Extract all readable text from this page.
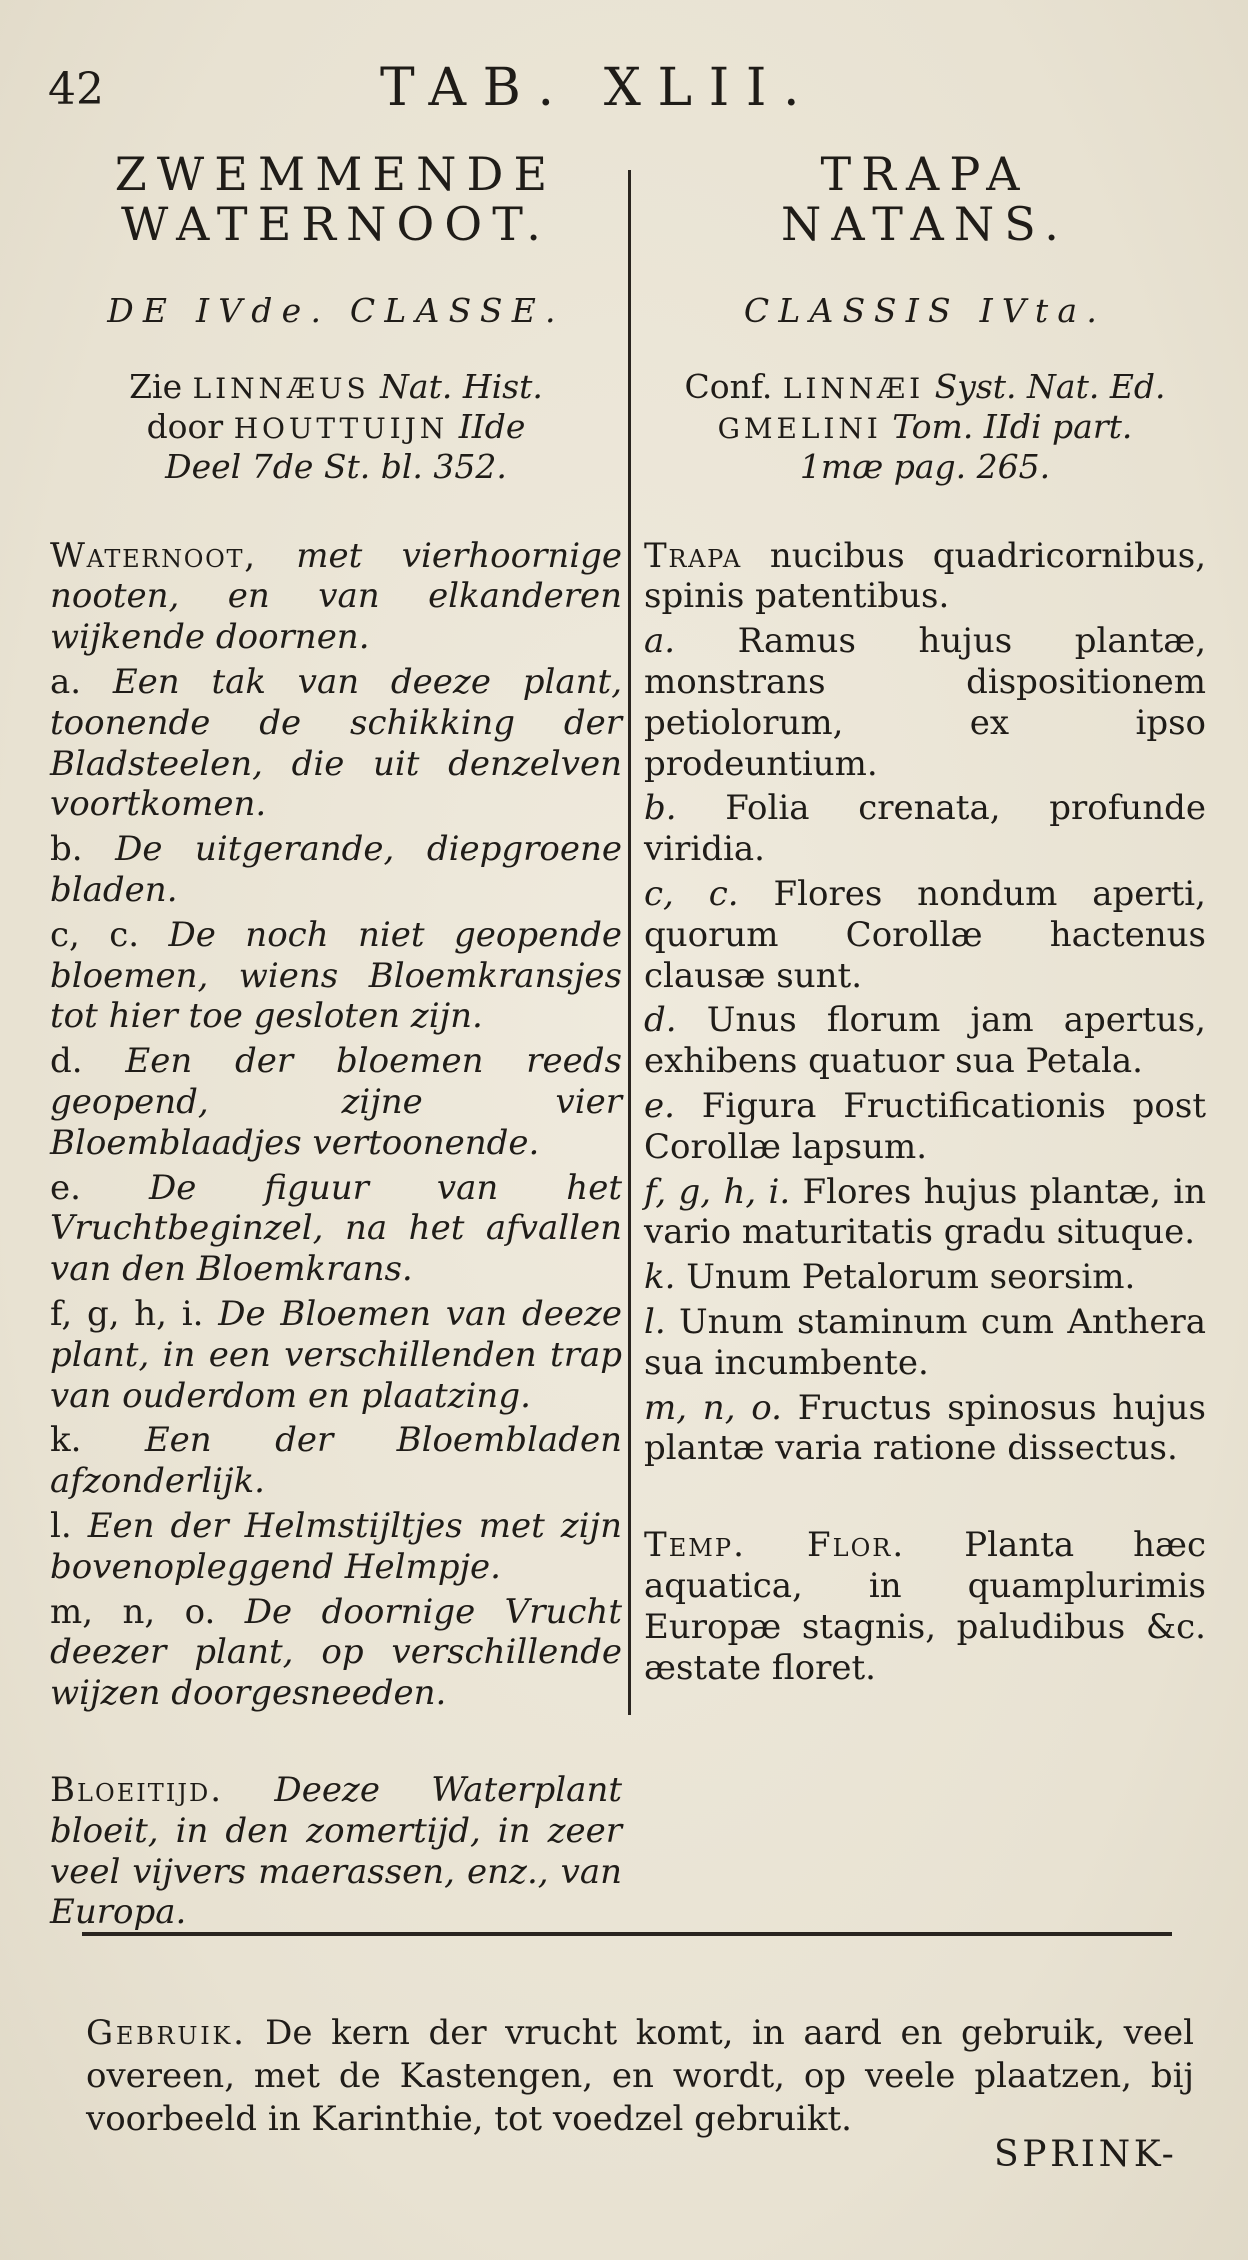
42	TAB. XLII.
ZWEMMENDE
WATERNOOT.
DE IVde. CLASSE.
Zie LINNÆUS Nat. Hist.
door HOUTTUIJN IIde
Deel 7de St. bl. 352.

Waternoot, met vierhoornige nooten, en van elkanderen wijkende doornen.

a. Een tak van deeze plant, toonende de schikking der Bladsteelen, die uit denzelven voortkomen.

b. De uitgerande, diepgroene bladen.

c, c. De noch niet geopende bloemen, wiens Bloemkransjes tot hier toe gesloten zijn.

d. Een der bloemen reeds geopend, zijne vier Bloemblaadjes vertoonende.

e. De figuur van het Vruchtbeginzel, na het afvallen van den Bloemkrans.

f, g, h, i. De Bloemen van deeze plant, in een verschillenden trap van ouderdom en plaatzing.

k. Een der Bloembladen afzonderlijk.

l. Een der Helmstijltjes met zijn bovenopleggend Helmpje.

m, n, o. De doornige Vrucht deezer plant, op verschillende wijzen doorgesneeden.

Bloeitijd. Deeze Waterplant bloeit, in den zomertijd, in zeer veel vijvers maerassen, enz., van Europa.

TRAPA
NATANS.
CLASSIS IVta.
Conf. LINNÆI Syst. Nat. Ed.
GMELINI Tom. IIdi part.
1mæ pag. 265.

Trapa nucibus quadricornibus, spinis patentibus.

a. Ramus hujus plantæ, monstrans dispositionem petiolorum, ex ipso prodeuntium.

b. Folia crenata, profunde viridia.

c, c. Flores nondum aperti, quorum Corollæ hactenus clausæ sunt.

d. Unus florum jam apertus, exhibens quatuor sua Petala.

e. Figura Fructificationis post Corollæ lapsum.

f, g, h, i. Flores hujus plantæ, in vario maturitatis gradu situque.

k. Unum Petalorum seorsim.

l. Unum staminum cum Anthera sua incumbente.

m, n, o. Fructus spinosus hujus plantæ varia ratione dissectus.

Temp. Flor. Planta hæc aquatica, in quamplurimis Europæ stagnis, paludibus &c. æstate floret.

Gebruik. De kern der vrucht komt, in aard en gebruik, veel overeen, met de Kastengen, en wordt, op veele plaatzen, bij voorbeeld in Karinthie, tot voedzel gebruikt.

SPRINK-
